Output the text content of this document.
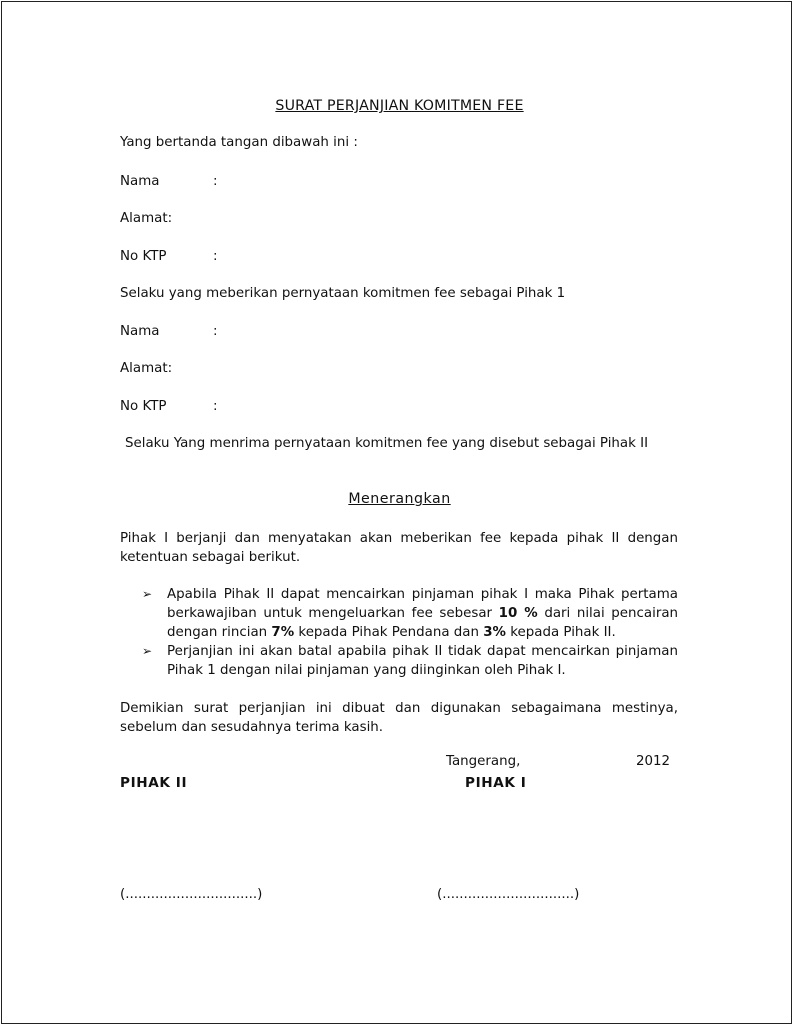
SURAT PERJANJIAN KOMITMEN FEE
Yang bertanda tangan dibawah ini :
Nama	:
Alamat:
No KTP	:
Selaku yang meberikan pernyataan komitmen fee sebagai Pihak 1
Nama	:
Alamat:
No KTP	:
Selaku Yang menrima pernyataan komitmen fee yang disebut sebagai Pihak II
Menerangkan
Pihak I berjanji dan menyatakan akan meberikan fee kepada pihak II dengan ketentuan sebagai berikut.
➢ Apabila Pihak II dapat mencairkan pinjaman pihak I maka Pihak pertama berkawajiban untuk mengeluarkan fee sebesar 10 % dari nilai pencairan dengan rincian 7% kepada Pihak Pendana dan 3% kepada Pihak II.
➢ Perjanjian ini akan batal apabila pihak II tidak dapat mencairkan pinjaman Pihak 1 dengan nilai pinjaman yang diinginkan oleh Pihak I.
Demikian surat perjanjian ini dibuat dan digunakan sebagaimana mestinya, sebelum dan sesudahnya terima kasih.
Tangerang,	2012
PIHAK II	PIHAK I
(...............................)	(...............................)
